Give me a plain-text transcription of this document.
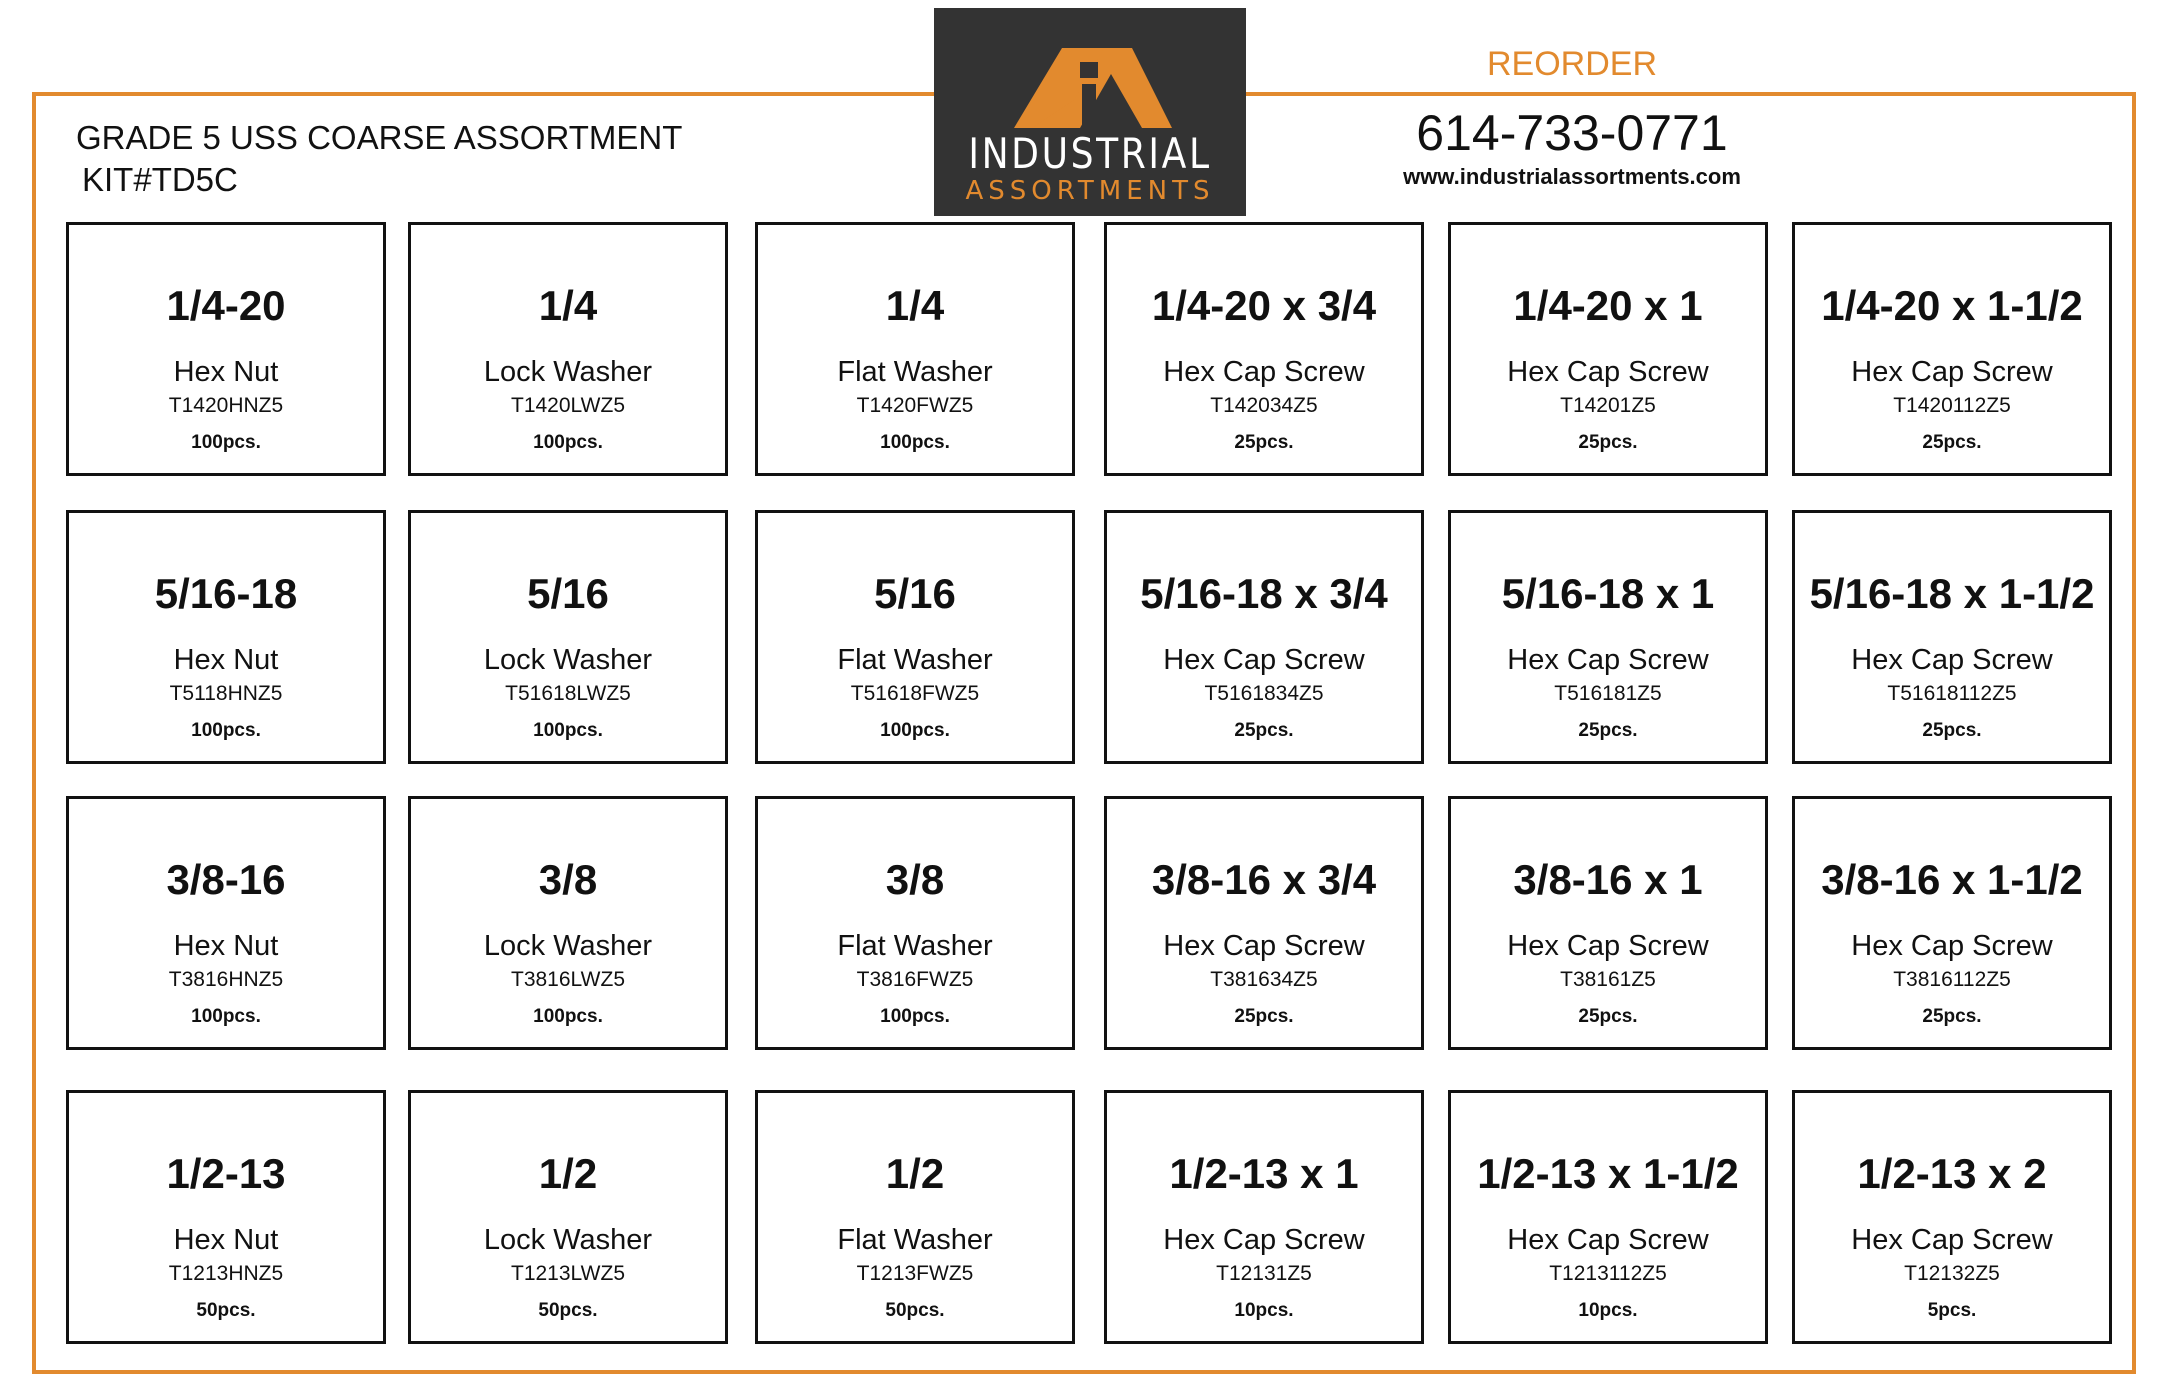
GRADE 5 USS COARSE ASSORTMENT
KIT#TD5C
INDUSTRIAL
ASSORTMENTS
REORDER
614-733-0771
www.industrialassortments.com
1/4-20
Hex Nut
T1420HNZ5
100pcs.
1/4
Lock Washer
T1420LWZ5
100pcs.
1/4
Flat Washer
T1420FWZ5
100pcs.
1/4-20 x 3/4
Hex Cap Screw
T142034Z5
25pcs.
1/4-20 x 1
Hex Cap Screw
T14201Z5
25pcs.
1/4-20 x 1-1/2
Hex Cap Screw
T1420112Z5
25pcs.
5/16-18
Hex Nut
T5118HNZ5
100pcs.
5/16
Lock Washer
T51618LWZ5
100pcs.
5/16
Flat Washer
T51618FWZ5
100pcs.
5/16-18 x 3/4
Hex Cap Screw
T5161834Z5
25pcs.
5/16-18 x 1
Hex Cap Screw
T516181Z5
25pcs.
5/16-18 x 1-1/2
Hex Cap Screw
T51618112Z5
25pcs.
3/8-16
Hex Nut
T3816HNZ5
100pcs.
3/8
Lock Washer
T3816LWZ5
100pcs.
3/8
Flat Washer
T3816FWZ5
100pcs.
3/8-16 x 3/4
Hex Cap Screw
T381634Z5
25pcs.
3/8-16 x 1
Hex Cap Screw
T38161Z5
25pcs.
3/8-16 x 1-1/2
Hex Cap Screw
T3816112Z5
25pcs.
1/2-13
Hex Nut
T1213HNZ5
50pcs.
1/2
Lock Washer
T1213LWZ5
50pcs.
1/2
Flat Washer
T1213FWZ5
50pcs.
1/2-13 x 1
Hex Cap Screw
T12131Z5
10pcs.
1/2-13 x 1-1/2
Hex Cap Screw
T1213112Z5
10pcs.
1/2-13 x 2
Hex Cap Screw
T12132Z5
5pcs.
